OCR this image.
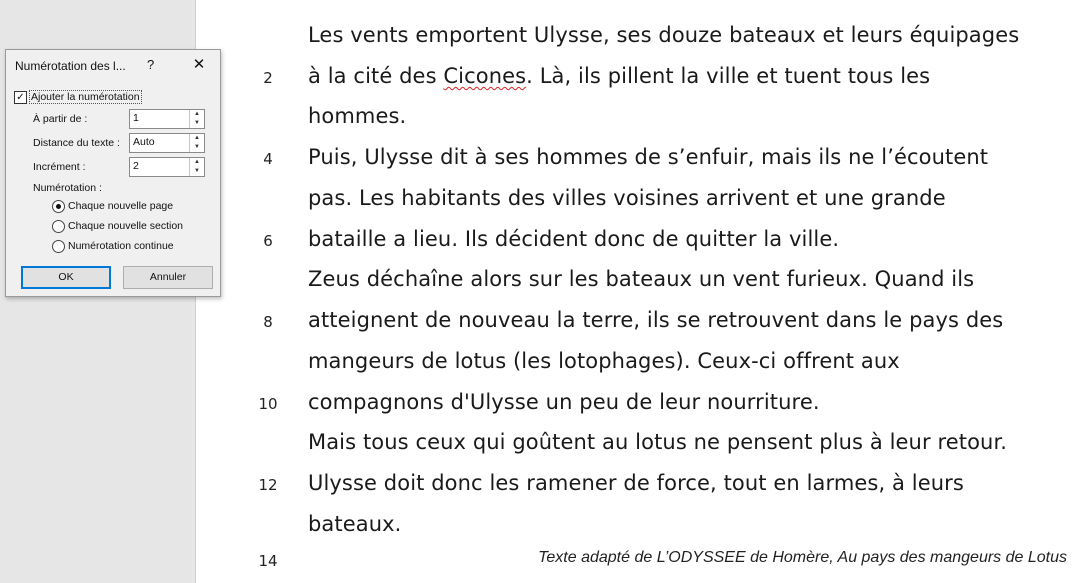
Les vents emportent Ulysse, ses douze bateaux et leurs équipages
2	à la cité des Cicones. Là, ils pillent la ville et tuent tous les
hommes.
4	Puis, Ulysse dit à ses hommes de s’enfuir, mais ils ne l’écoutent
pas. Les habitants des villes voisines arrivent et une grande
6	bataille a lieu. Ils décident donc de quitter la ville.
Zeus déchaîne alors sur les bateaux un vent furieux. Quand ils
8	atteignent de nouveau la terre, ils se retrouvent dans le pays des
mangeurs de lotus (les lotophages). Ceux-ci offrent aux
10 compagnons d'Ulysse un peu de leur nourriture.
Mais tous ceux qui goûtent au lotus ne pensent plus à leur retour.
12 Ulysse doit donc les ramener de force, tout en larmes, à leurs
bateaux.
14	Texte adapté de L’ODYSSEE de Homère, Au pays des mangeurs de Lotus
Numérotation des l... ?	✕
✓ Ajouter la numérotation
À partir de :	1	▲
▼
Distance du texte : Auto	▲
▼
Incrément :	2	▲
▼
Numérotation :
Chaque nouvelle page
Chaque nouvelle section
Numérotation continue
OK	Annuler
